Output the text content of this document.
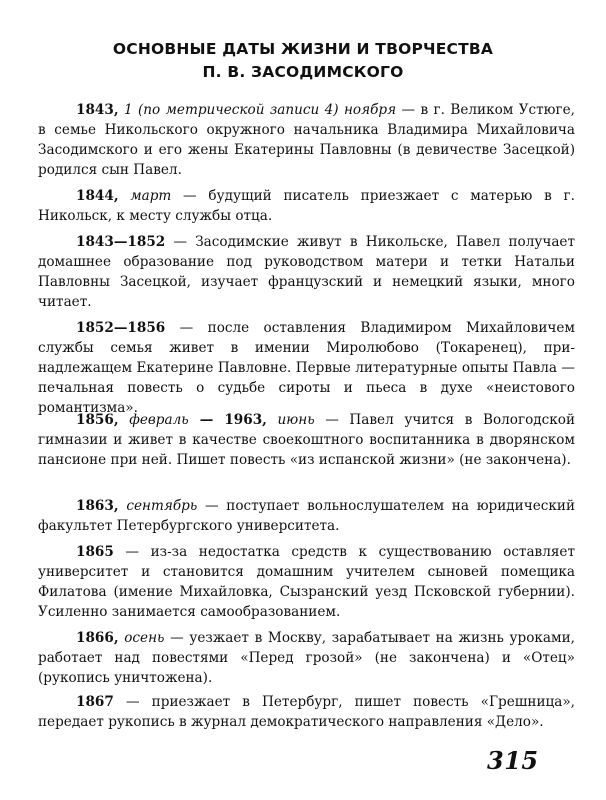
ОСНОВНЫЕ ДАТЫ ЖИЗНИ И ТВОРЧЕСТВА
П. В. ЗАСОДИМСКОГО

1843, 1 (по метрической записи 4) ноября — в г. Великом Устюге, в семье Никольского окружного начальника Владимира Михайловича Засодимского и его жены Екатерины Павловны (в девичестве Засецкой) родился сын Павел.

1844, март — будущий писатель приезжает с матерью в г. Никольск, к месту службы отца.

1843—1852 — Засодимские живут в Никольске, Павел получает домашнее образование под руководством матери и тетки Натальи Павловны Засецкой, изучает французский и немецкий языки, много читает.

1852—1856 — после оставления Владимиром Михайловичем службы семья живет в имении Миролюбово (Токаренец), принадлежащем Екатерине Павловне. Первые литературные опыты Павла — печальная повесть о судьбе сироты и пьеса в духе «неистового романтизма».

1856, февраль — 1963, июнь — Павел учится в Вологодской гимназии и живет в качестве своекоштного воспитанника в дворянском пансионе при ней. Пишет повесть «из испанской жизни» (не закончена).

1863, сентябрь — поступает вольнослушателем на юридический факультет Петербургского университета.

1865 — из-за недостатка средств к существованию оставляет университет и становится домашним учителем сыновей помещика Филатова (имение Михайловка, Сызранский уезд Псковской губернии). Усиленно занимается самообразованием.

1866, осень — уезжает в Москву, зарабатывает на жизнь уроками, работает над повестями «Перед грозой» (не закончена) и «Отец» (рукопись уничтожена).

1867 — приезжает в Петербург, пишет повесть «Грешница», передает рукопись в журнал демократического направления «Дело».

315
